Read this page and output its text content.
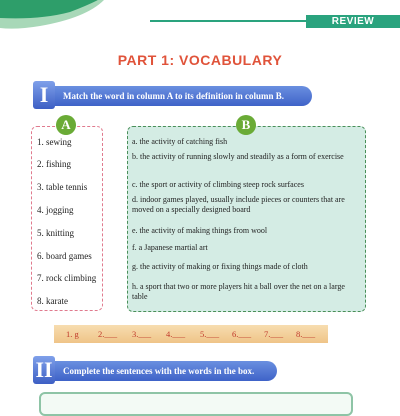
REVIEW
PART 1: VOCABULARY
I	Match the word in column A to its definition in column B.
A	B
1. sewing
2. fishing
3. table tennis
4. jogging
5. knitting
6. board games
7. rock climbing
8. karate
a. the activity of catching fish
b. the activity of running slowly and steadily as a form of exercise
c. the sport or activity of climbing steep rock surfaces
d. indoor games played, usually include pieces or counters that are moved on a specially designed board
e. the activity of making things from wool
f. a Japanese martial art
g. the activity of making or fixing things made of cloth
h. a sport that two or more players hit a ball over the net on a large table
1. g 2.___ 3.___ 4.___ 5.___ 6.___ 7.___ 8.___
II Complete the sentences with the words in the box.
